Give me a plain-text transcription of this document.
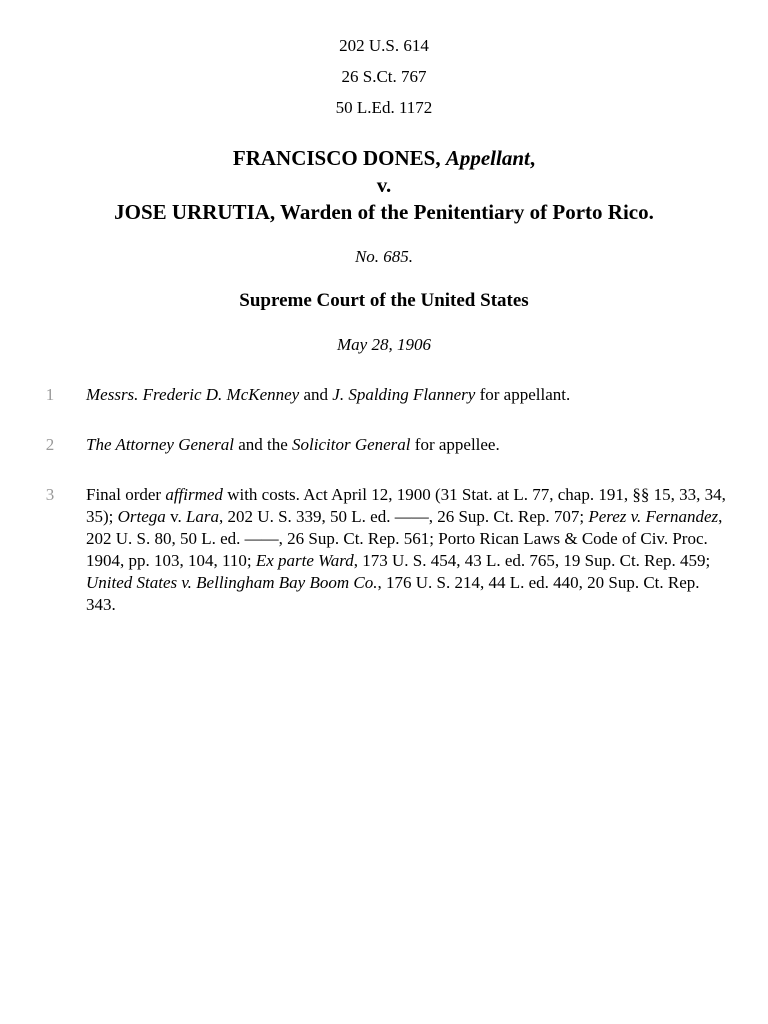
202 U.S. 614
26 S.Ct. 767
50 L.Ed. 1172
FRANCISCO DONES, Appellant,
v.
JOSE URRUTIA, Warden of the Penitentiary of Porto Rico.
No. 685.
Supreme Court of the United States
May 28, 1906
1	Messrs. Frederic D. McKenney and J. Spalding Flannery for appellant.
2	The Attorney General and the Solicitor General for appellee.
3	Final order affirmed with costs. Act April 12, 1900 (31 Stat. at L. 77, chap. 191, §§ 15, 33, 34, 35); Ortega v. Lara, 202 U. S. 339, 50 L. ed. ——, 26 Sup. Ct. Rep. 707; Perez v. Fernandez, 202 U. S. 80, 50 L. ed. ——, 26 Sup. Ct. Rep. 561; Porto Rican Laws & Code of Civ. Proc. 1904, pp. 103, 104, 110; Ex parte Ward, 173 U. S. 454, 43 L. ed. 765, 19 Sup. Ct. Rep. 459; United States v. Bellingham Bay Boom Co., 176 U. S. 214, 44 L. ed. 440, 20 Sup. Ct. Rep. 343.
